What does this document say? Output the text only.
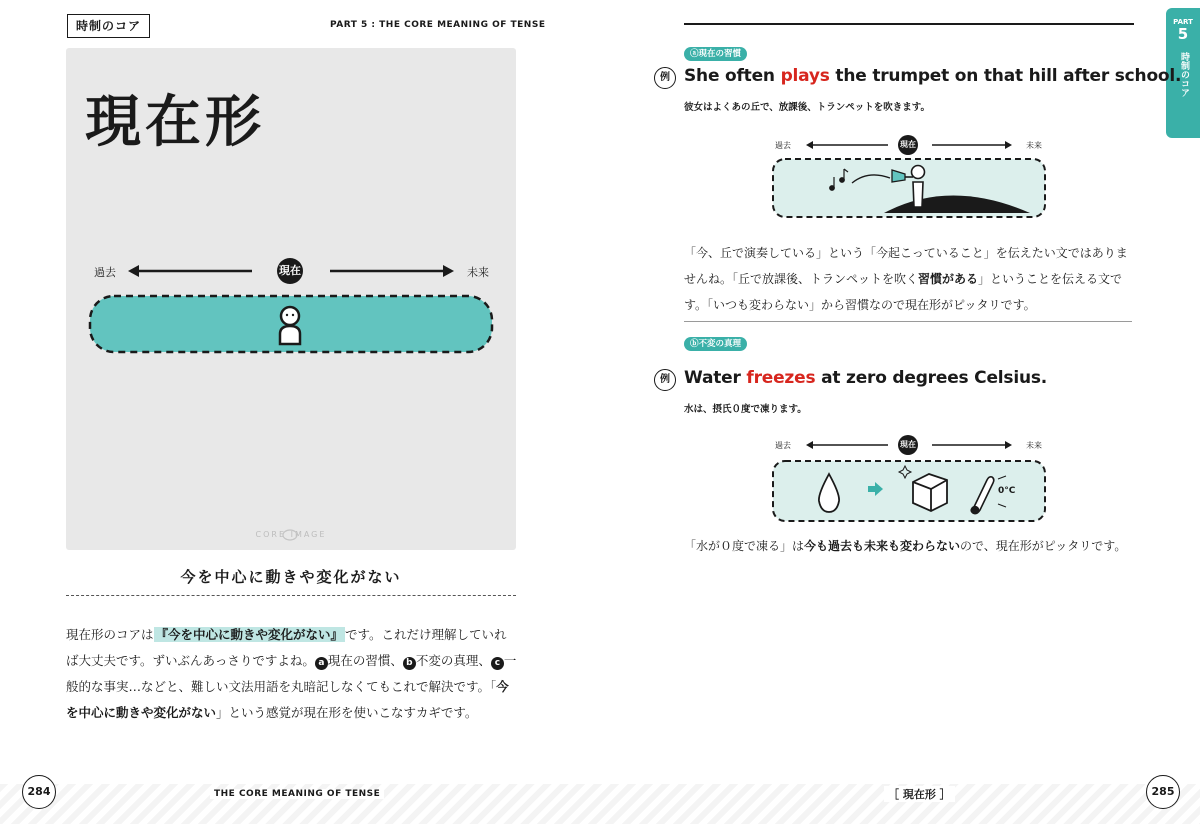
時制のコア	PART 5 : THE CORE MEANING OF TENSE
CORE IMAGE
現在形
過去	未来
現在
今を中心に動きや変化がない
現在形のコアは 『今を中心に動きや変化がない』 です。これだけ理解していれば大丈夫です。ずいぶんあっさりですよね。 a 現在の習慣、 b 不変の真理、 c 一般的な事実…などと、難しい文法用語を丸暗記しなくてもこれで解決です。「今を中心に動きや変化がない」という感覚が現在形を使いこなすカギです。
284	THE CORE MEANING OF TENSE
PART
5
時制のコア
ⓐ現在の習慣
例 She often plays the trumpet on that hill after school.
彼女はよくあの丘で、放課後、トランペットを吹きます。
過去	未来
現在
「今、丘で演奏している」という「今起こっていること」を伝えたい文ではありませんね。「丘で放課後、トランペットを吹く習慣がある」ということを伝える文です。「いつも変わらない」から習慣なので現在形がピッタリです。
ⓑ不変の真理
例 Water freezes at zero degrees Celsius.
水は、摂氏０度で凍ります。
過去	未来
現在
0°C
「水が０度で凍る」は今も過去も未来も変わらないので、現在形がピッタリです。
［ 現在形 ］	285
